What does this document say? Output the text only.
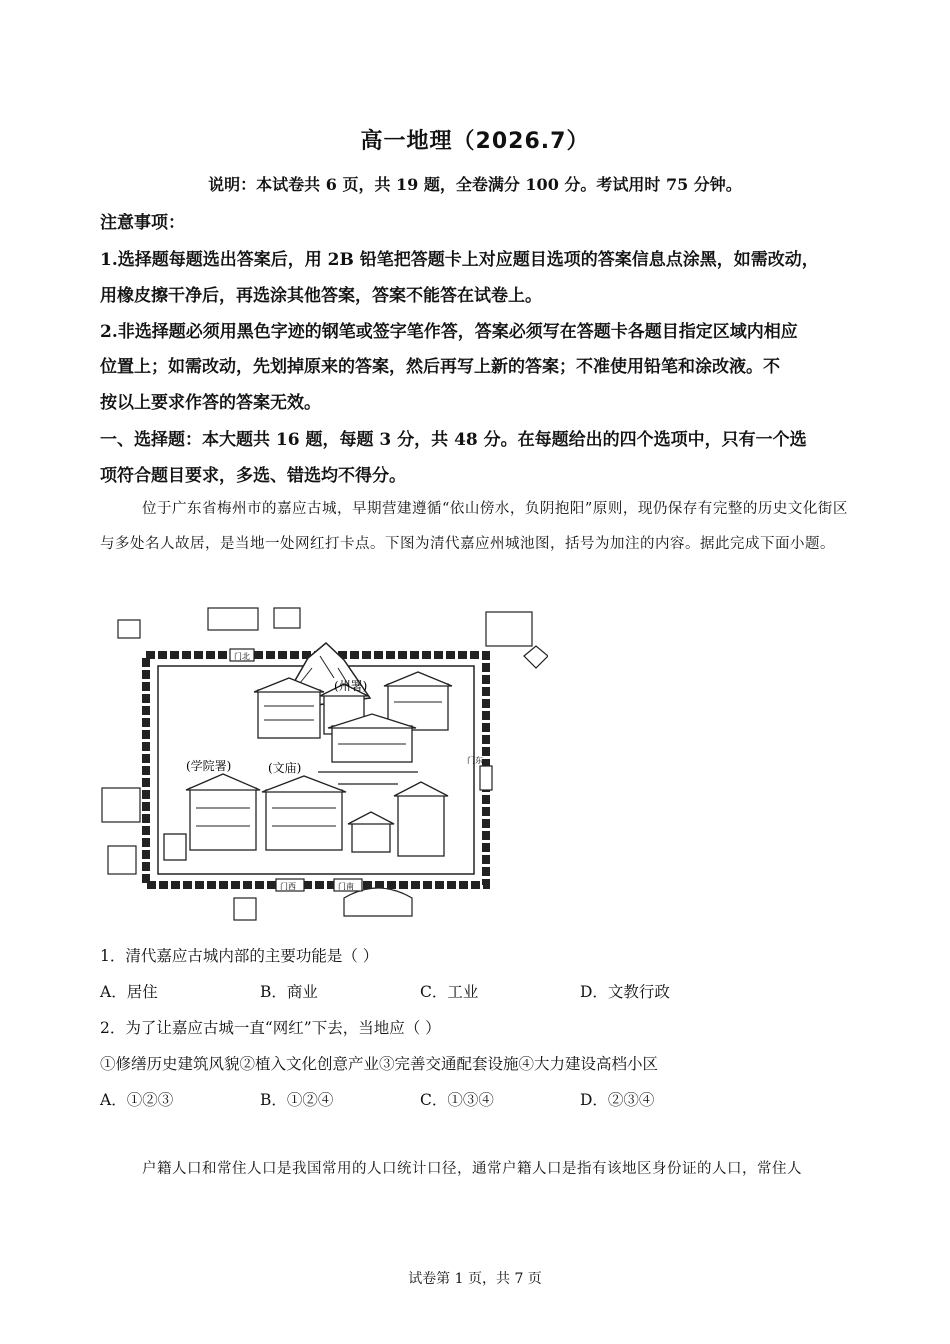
高一地理（2026.7）
说明：本试卷共 6 页，共 19 题，全卷满分 100 分。考试用时 75 分钟。
注意事项：
1.选择题每题选出答案后，用 2B 铅笔把答题卡上对应题目选项的答案信息点涂黑，如需改动，
用橡皮擦干净后，再选涂其他答案，答案不能答在试卷上。
2.非选择题必须用黑色字迹的钢笔或签字笔作答，答案必须写在答题卡各题目指定区域内相应
位置上；如需改动，先划掉原来的答案，然后再写上新的答案；不准使用铅笔和涂改液。不
按以上要求作答的答案无效。
一、选择题：本大题共 16 题，每题 3 分，共 48 分。在每题给出的四个选项中，只有一个选
项符合题目要求，多选、错选均不得分。
位于广东省梅州市的嘉应古城，早期营建遵循“依山傍水，负阴抱阳”原则，现仍保存有完整的历史文化街区与多处名人故居，是当地一处网红打卡点。下图为清代嘉应州城池图，括号为加注的内容。据此完成下面小题。
门北
门西	门南
门东
(州署)
(学院署)	(文庙)
1．清代嘉应古城内部的主要功能是（ ）
A．居住	B．商业	C．工业	D．文教行政
2．为了让嘉应古城一直“网红”下去，当地应（ ）
①修缮历史建筑风貌②植入文化创意产业③完善交通配套设施④大力建设高档小区
A．①②③	B．①②④	C．①③④	D．②③④
户籍人口和常住人口是我国常用的人口统计口径，通常户籍人口是指有该地区身份证的人口，常住人
试卷第 1 页，共 7 页
